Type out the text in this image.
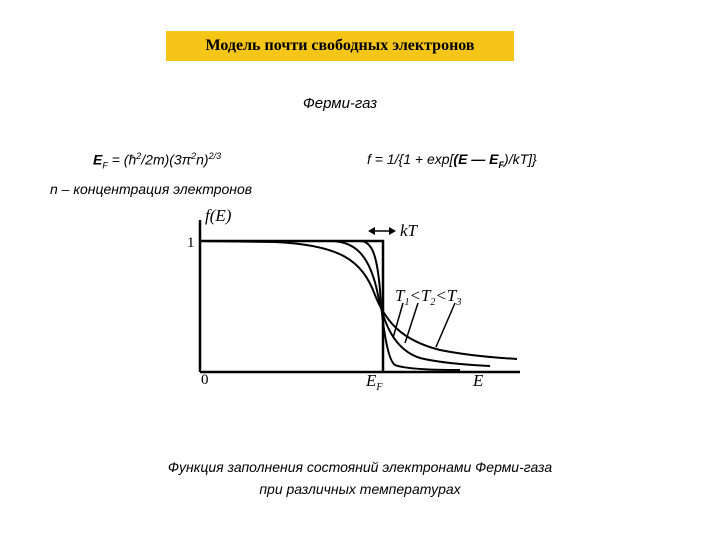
Модель почти свободных электронов
Ферми-газ
$E_F$ = $(ħ^2/2m)(3\pi^2n)^{2/3}$
n – концентрация электронов
f = 1/{1 + exp[(E — $E_F)/kT$]}
f(E)
1
0	$E_F$	E
kT
$T_1<T_2<T_3$
Функция заполнения состояний электронами Ферми-газа
при различных температурах
